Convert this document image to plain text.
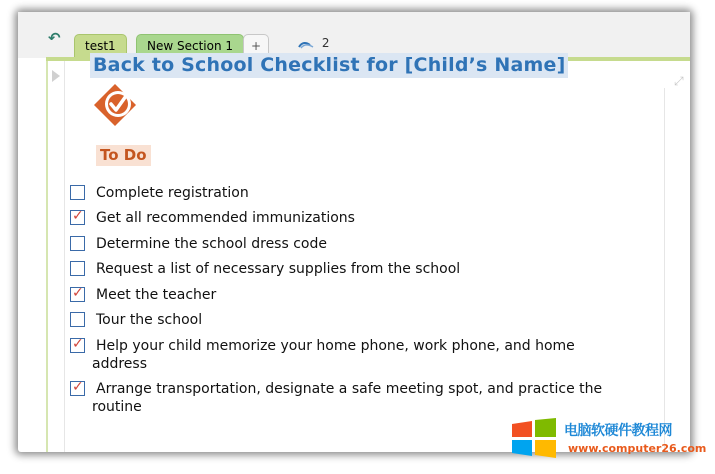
↶	test1	New Section 1	+	2
⤢
Back to School Checklist for [Child’s Name]
To Do
Complete registration
✓ Get all recommended immunizations
Determine the school dress code
Request a list of necessary supplies from the school
✓ Meet the teacher
Tour the school
✓ Help your child memorize your home phone, work phone, and home address
✓ Arrange transportation, designate a safe meeting spot, and practice the routine
电脑软硬件教程网
www.computer26.com
